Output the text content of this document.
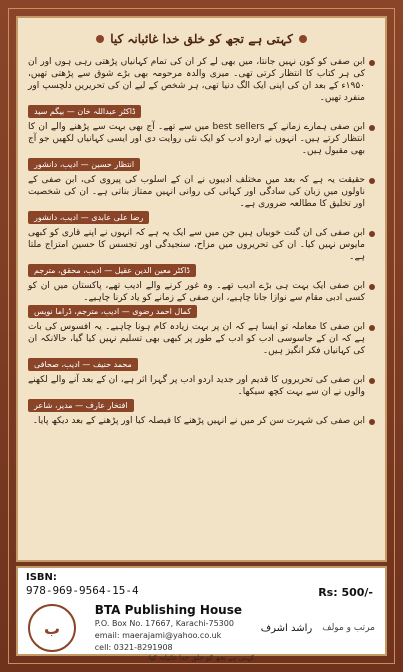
کہتی ہے تجھ کو خلق خدا غائبانہ کیا
ابن صفی کو کون نہیں جانتا، میں بھی لے کر ان کی تمام کہانیاں پڑھتی رہی ہوں اور ان کی ہر کتاب کا انتظار کرتی تھی۔ میری والدہ مرحومہ بھی بڑے شوق سے پڑھتی تھیں، ۱۹۵۰ء کے بعد ان کی اپنی ایک الگ دنیا تھی، ہر شخص کے لیے ان کی تحریریں دلچسپ اور منفرد تھیں۔
ڈاکٹر عبداللہ خان — بیگم سید
ابن صفی ہمارے زمانے کے best sellers میں سے تھے۔ آج بھی بہت سے پڑھنے والے ان کا انتظار کرتے ہیں۔ انہوں نے اردو ادب کو ایک نئی روایت دی اور ایسی کہانیاں لکھیں جو آج بھی مقبول ہیں۔
انتظار حسین — ادیب، دانشور
حقیقت یہ ہے کہ بعد میں مختلف ادیبوں نے ان کے اسلوب کی پیروی کی، ابن صفی کے ناولوں میں زبان کی سادگی اور کہانی کی روانی انہیں ممتاز بناتی ہے۔ ان کی شخصیت اور تخلیق کا مطالعہ ضروری ہے۔
رضا علی عابدی — ادیب، دانشور
ابن صفی کی ان گنت خوبیاں ہیں جن میں سے ایک یہ ہے کہ انہوں نے اپنے قاری کو کبھی مایوس نہیں کیا۔ ان کی تحریروں میں مزاح، سنجیدگی اور تجسس کا حسین امتزاج ملتا ہے۔
ڈاکٹر معین الدین عقیل — ادیب، محقق، مترجم
ابن صفی ایک بہت ہی بڑے ادیب تھے۔ وہ غور کرنے والے ادیب تھے، پاکستان میں ان کو کسی ادبی مقام سے نوازا جانا چاہیے، ابن صفی کے زمانے کو یاد کرنا چاہیے۔
کمال احمد رضوی — ادیب، مترجم، ڈراما نویس
ابن صفی کا معاملہ تو ایسا ہے کہ ان پر بہت زیادہ کام ہونا چاہیے۔ یہ افسوس کی بات ہے کہ ان کے جاسوسی ادب کو ادب کے طور پر کبھی بھی تسلیم نہیں کیا گیا، حالانکہ ان کی کہانیاں فکر انگیز ہیں۔
محمد حنیف — ادیب، صحافی
ابن صفی کی تحریروں کا قدیم اور جدید اردو ادب پر گہرا اثر ہے، ان کے بعد آنے والے لکھنے والوں نے ان سے بہت کچھ سیکھا۔
افتخار عارف — مدیر، شاعر
ابن صفی کی شہرت سن کر میں نے انہیں پڑھنے کا فیصلہ کیا اور پڑھنے کے بعد دیکھ پایا۔
ISBN:
978-969-9564-15-4	Rs: 500/-
ب
BTA Publishing House
P.O. Box No. 17667, Karachi-75300
email: maerajami@yahoo.co.uk
cell: 0321-8291908
مرتب و مولف
راشد اشرف
کہتی ہے تجھ کو خلق خدا غائبانہ کیا
